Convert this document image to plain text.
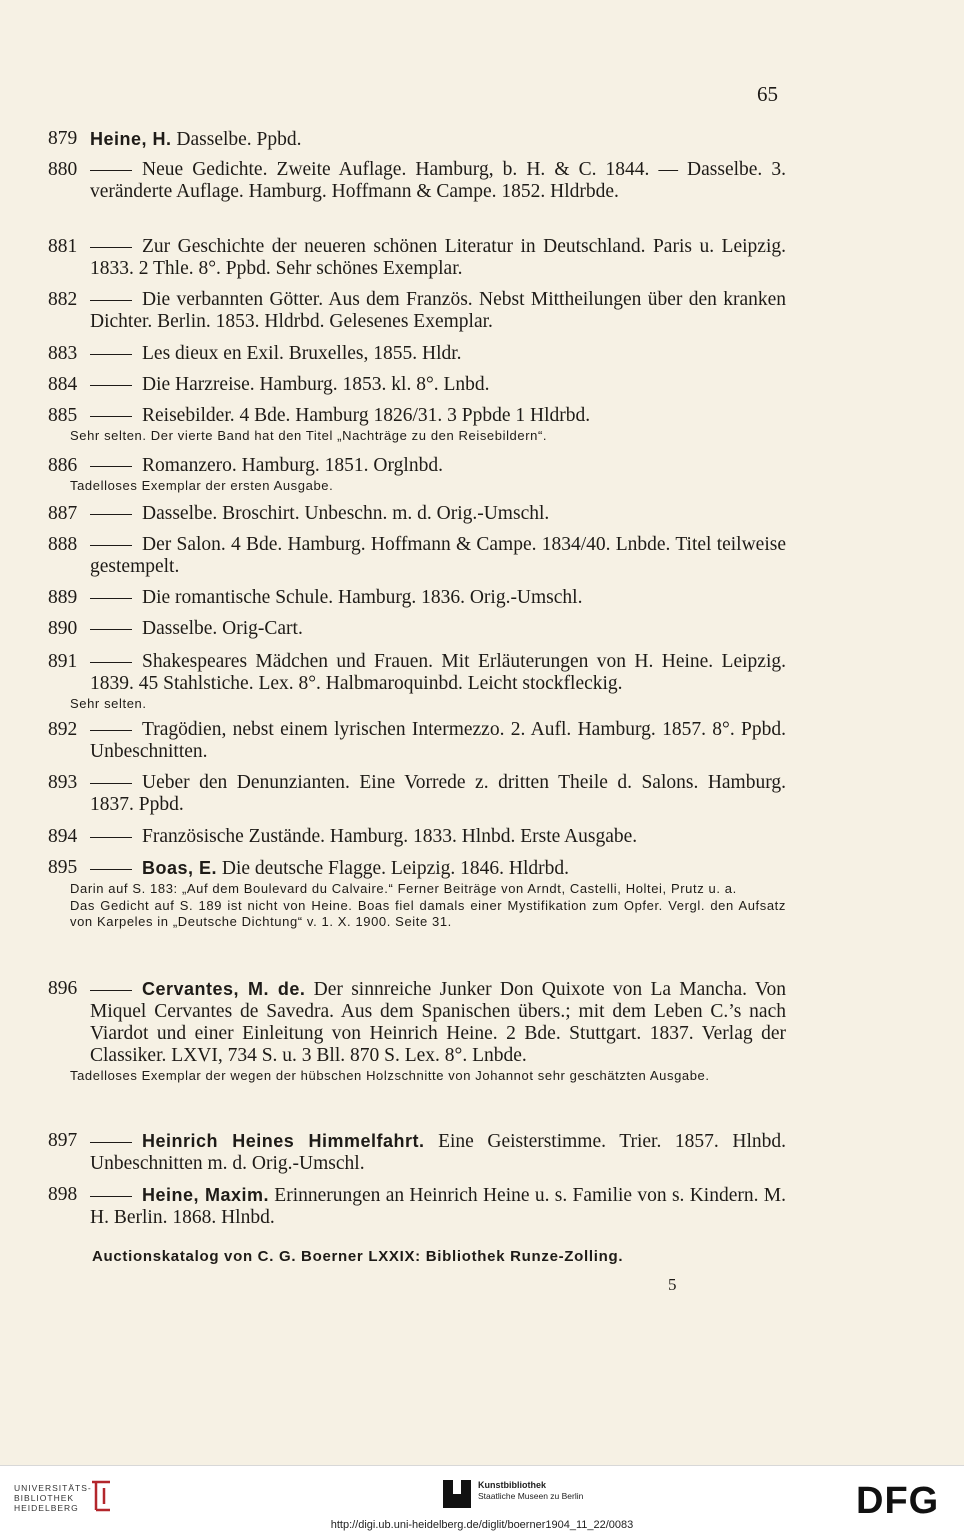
65
879 Heine, H. Dasselbe. Ppbd.
880	Neue Gedichte. Zweite Auflage. Hamburg, b. H. & C. 1844. — Dasselbe. 3. veränderte Auflage. Hamburg. Hoffmann & Campe. 1852. Hldrbde.
881	Zur Geschichte der neueren schönen Literatur in Deutschland. Paris u. Leipzig. 1833. 2 Thle. 8°. Ppbd. Sehr schönes Exemplar.
882	Die verbannten Götter. Aus dem Französ. Nebst Mittheilungen über den kranken Dichter. Berlin. 1853. Hldrbd. Gelesenes Exemplar.
883	Les dieux en Exil. Bruxelles, 1855. Hldr.
884	Die Harzreise. Hamburg. 1853. kl. 8°. Lnbd.
885	Reisebilder. 4 Bde. Hamburg 1826/31. 3 Ppbde 1 Hldrbd.
Sehr selten. Der vierte Band hat den Titel „Nachträge zu den Reisebildern“.
886	Romanzero. Hamburg. 1851. Orglnbd.
Tadelloses Exemplar der ersten Ausgabe.
887	Dasselbe. Broschirt. Unbeschn. m. d. Orig.-Umschl.
888	Der Salon. 4 Bde. Hamburg. Hoffmann & Campe. 1834/40. Lnbde. Titel teilweise gestempelt.
889	Die romantische Schule. Hamburg. 1836. Orig.-Umschl.
890	Dasselbe. Orig-Cart.
891	Shakespeares Mädchen und Frauen. Mit Erläuterungen von H. Heine. Leipzig. 1839. 45 Stahlstiche. Lex. 8°. Halbmaroquinbd. Leicht stockfleckig.
Sehr selten.
892	Tragödien, nebst einem lyrischen Intermezzo. 2. Aufl. Hamburg. 1857. 8°. Ppbd. Unbeschnitten.
893	Ueber den Denunzianten. Eine Vorrede z. dritten Theile d. Salons. Hamburg. 1837. Ppbd.
894	Französische Zustände. Hamburg. 1833. Hlnbd. Erste Ausgabe.
895	Boas, E. Die deutsche Flagge. Leipzig. 1846. Hldrbd.
Darin auf S. 183: „Auf dem Boulevard du Calvaire.“ Ferner Beiträge von Arndt, Castelli, Holtei, Prutz u. a.
Das Gedicht auf S. 189 ist nicht von Heine. Boas fiel damals einer Mystifikation zum Opfer. Vergl. den Aufsatz von Karpeles in „Deutsche Dichtung“ v. 1. X. 1900. Seite 31.
896	Cervantes, M. de. Der sinnreiche Junker Don Quixote von La Mancha. Von Miquel Cervantes de Savedra. Aus dem Spanischen übers.; mit dem Leben C.’s nach Viardot und einer Einleitung von Heinrich Heine. 2 Bde. Stuttgart. 1837. Verlag der Classiker. LXVI, 734 S. u. 3 Bll. 870 S. Lex. 8°. Lnbde.
Tadelloses Exemplar der wegen der hübschen Holzschnitte von Johannot sehr geschätzten Ausgabe.
897	Heinrich Heines Himmelfahrt. Eine Geisterstimme. Trier. 1857. Hlnbd. Unbeschnitten m. d. Orig.-Umschl.
898	Heine, Maxim. Erinnerungen an Heinrich Heine u. s. Familie von s. Kindern. M. H. Berlin. 1868. Hlnbd.
Auctionskatalog von C. G. Boerner LXXIX: Bibliothek Runze-Zolling.
5
UNIVERSITÄTS-
BIBLIOTHEK
HEIDELBERG
Kunstbibliothek
Staatliche Museen zu Berlin	DFG
http://digi.ub.uni-heidelberg.de/diglit/boerner1904_11_22/0083
